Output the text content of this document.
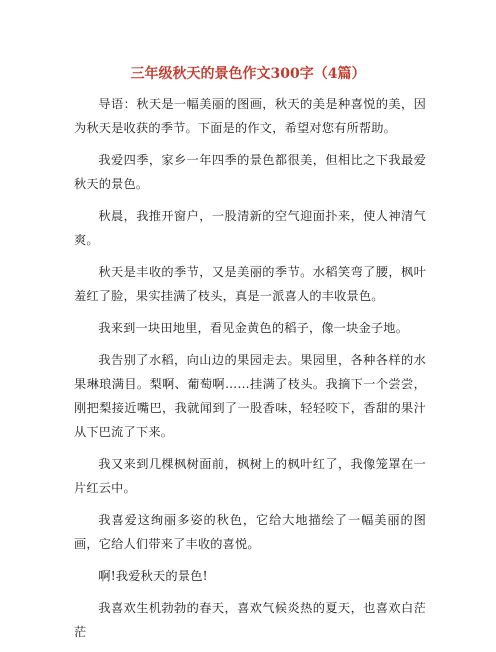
三年级秋天的景色作文300字（4篇）

导语：秋天是一幅美丽的图画，秋天的美是种喜悦的美，因为秋天是收获的季节。下面是的作文，希望对您有所帮助。

我爱四季，家乡一年四季的景色都很美，但相比之下我最爱秋天的景色。

秋晨，我推开窗户，一股清新的空气迎面扑来，使人神清气爽。

秋天是丰收的季节，又是美丽的季节。水稻笑弯了腰，枫叶羞红了脸，果实挂满了枝头，真是一派喜人的丰收景色。

我来到一块田地里，看见金黄色的稻子，像一块金子地。

我告别了水稻，向山边的果园走去。果园里，各种各样的水果琳琅满目。梨啊、葡萄啊……挂满了枝头。我摘下一个尝尝，刚把梨接近嘴巴，我就闻到了一股香味，轻轻咬下，香甜的果汁从下巴流了下来。

我又来到几棵枫树面前，枫树上的枫叶红了，我像笼罩在一片红云中。

我喜爱这绚丽多姿的秋色，它给大地描绘了一幅美丽的图画，它给人们带来了丰收的喜悦。

啊!我爱秋天的景色!

我喜欢生机勃勃的春天，喜欢气候炎热的夏天，也喜欢白茫茫
